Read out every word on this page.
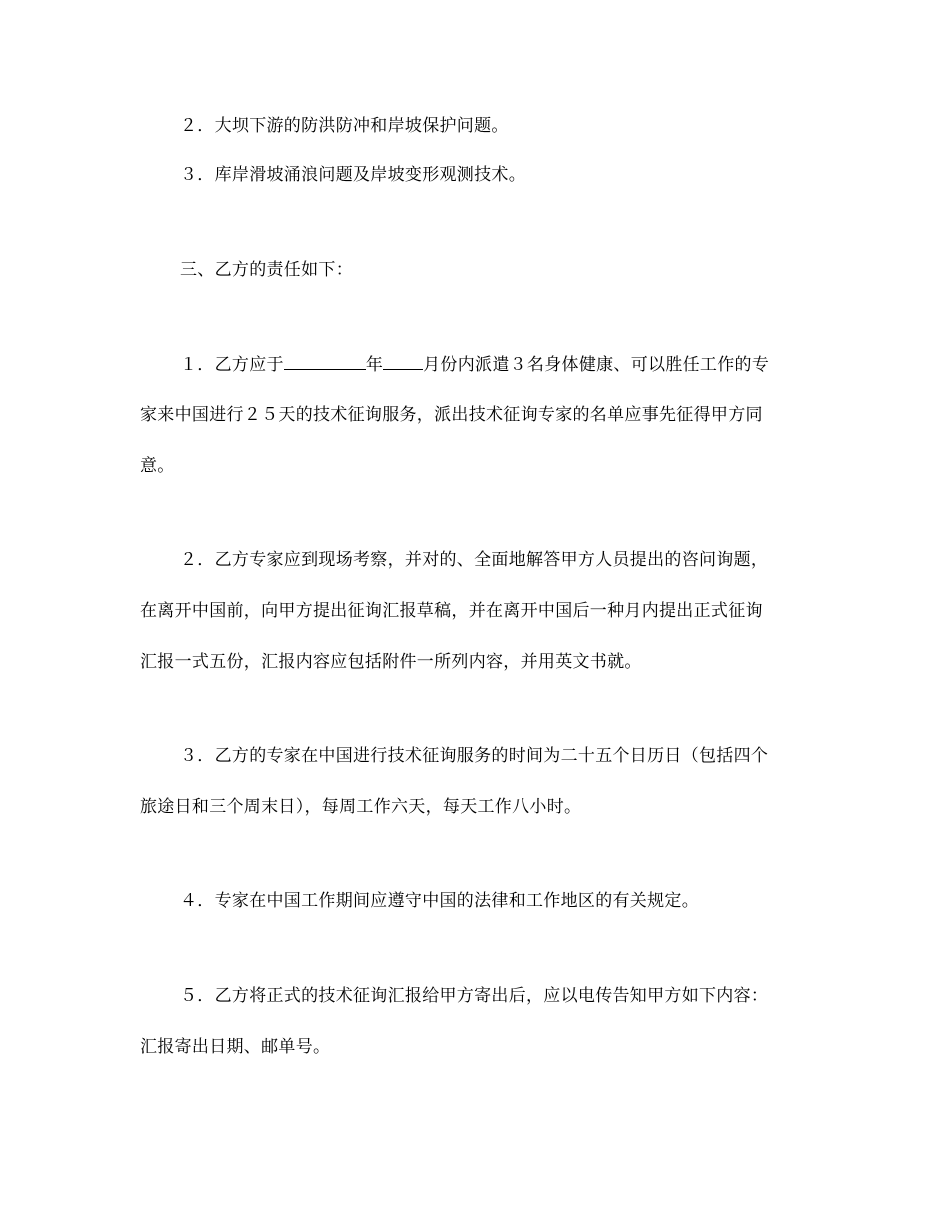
２．大坝下游的防洪防冲和岸坡保护问题。

３．库岸滑坡涌浪问题及岸坡变形观测技术。

三、乙方的责任如下：

１．乙方应于	年 月份内派遣３名身体健康、可以胜任工作的专

家来中国进行２５天的技术征询服务，派出技术征询专家的名单应事先征得甲方同

意。

２．乙方专家应到现场考察，并对的、全面地解答甲方人员提出的咨问询题，

在离开中国前，向甲方提出征询汇报草稿，并在离开中国后一种月内提出正式征询

汇报一式五份，汇报内容应包括附件一所列内容，并用英文书就。

３．乙方的专家在中国进行技术征询服务的时间为二十五个日历日（包括四个

旅途日和三个周末日），每周工作六天，每天工作八小时。

４．专家在中国工作期间应遵守中国的法律和工作地区的有关规定。

５．乙方将正式的技术征询汇报给甲方寄出后，应以电传告知甲方如下内容：

汇报寄出日期、邮单号。
